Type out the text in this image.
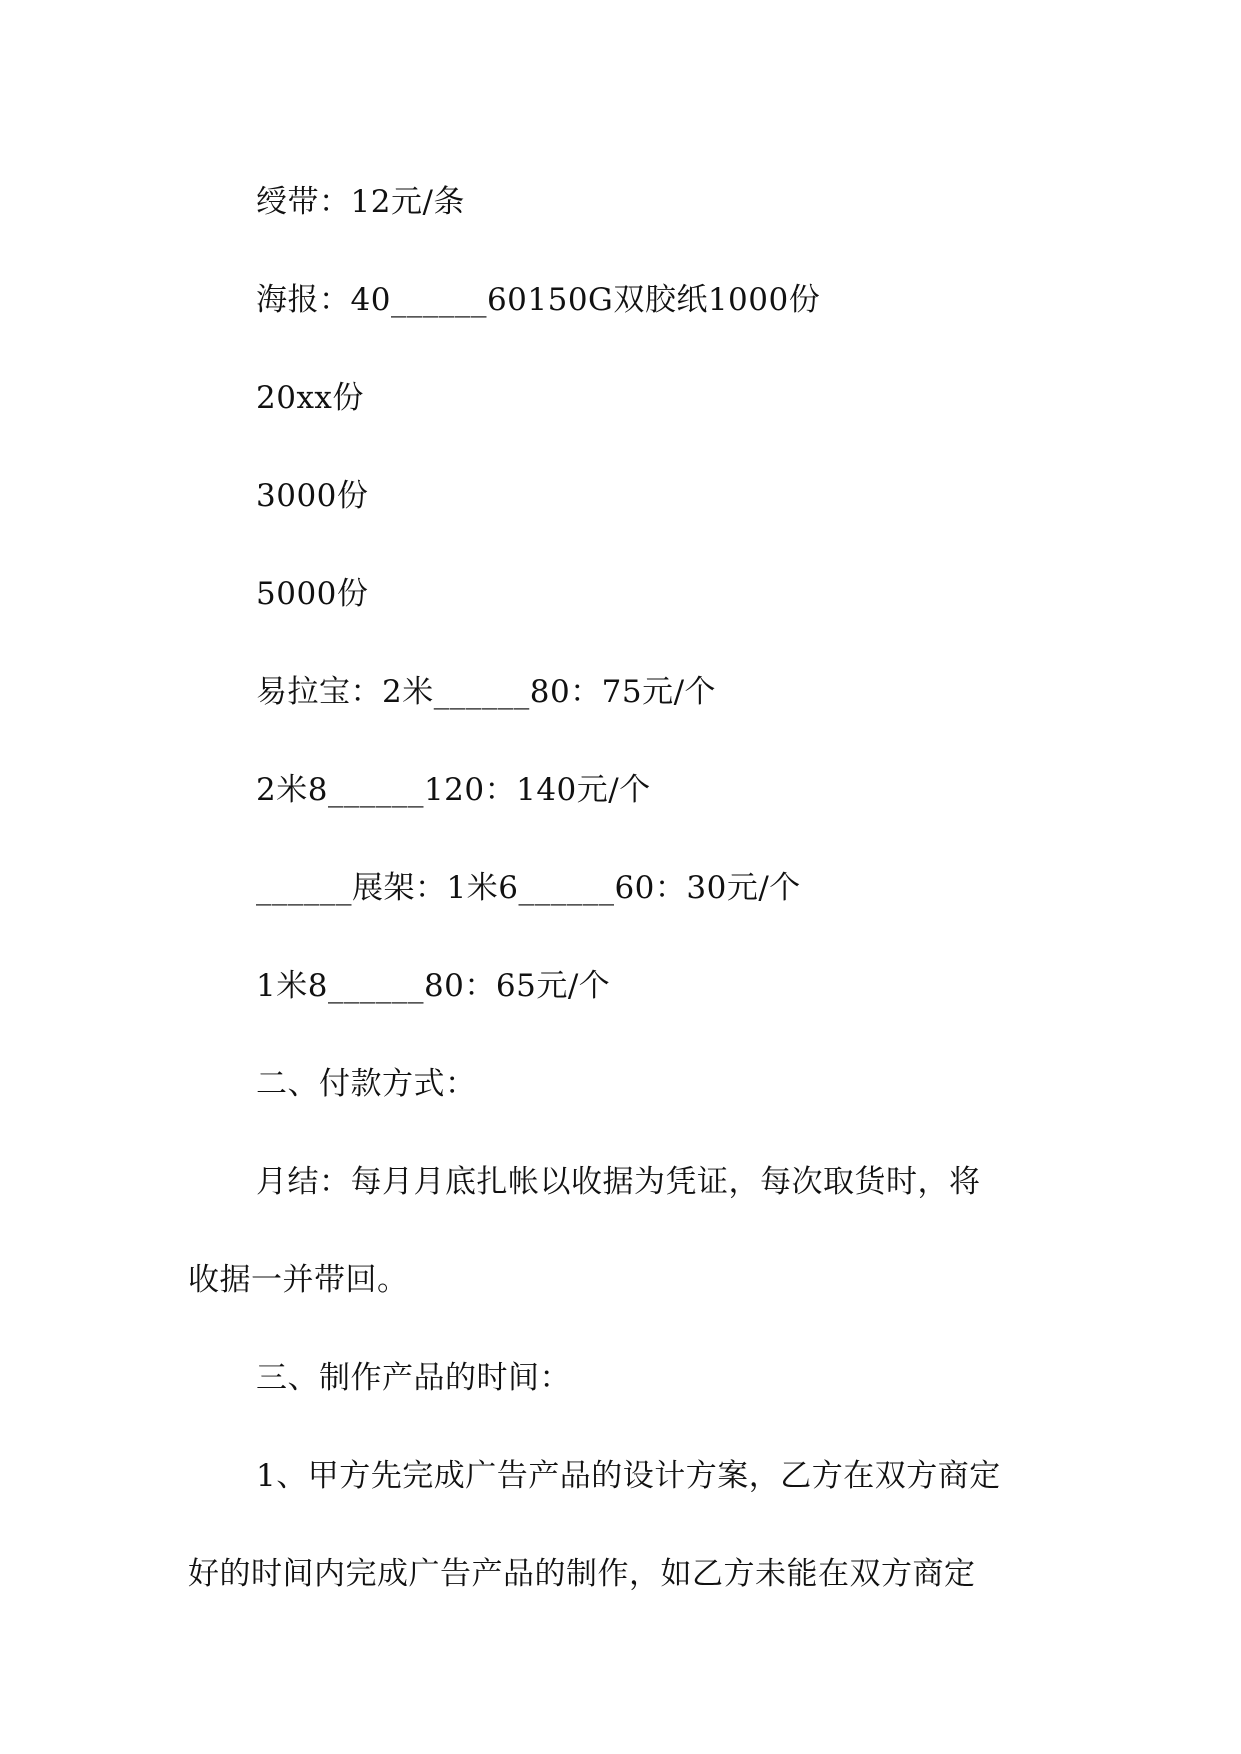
绶带：12元/条
海报：40______60150G双胶纸1000份
20xx份
3000份
5000份
易拉宝：2米______80：75元/个
2米8______120：140元/个
______展架：1米6______60：30元/个
1米8______80：65元/个
二、付款方式：
月结：每月月底扎帐以收据为凭证，每次取货时，将
收据一并带回。
三、制作产品的时间：
1、甲方先完成广告产品的设计方案，乙方在双方商定
好的时间内完成广告产品的制作，如乙方未能在双方商定
